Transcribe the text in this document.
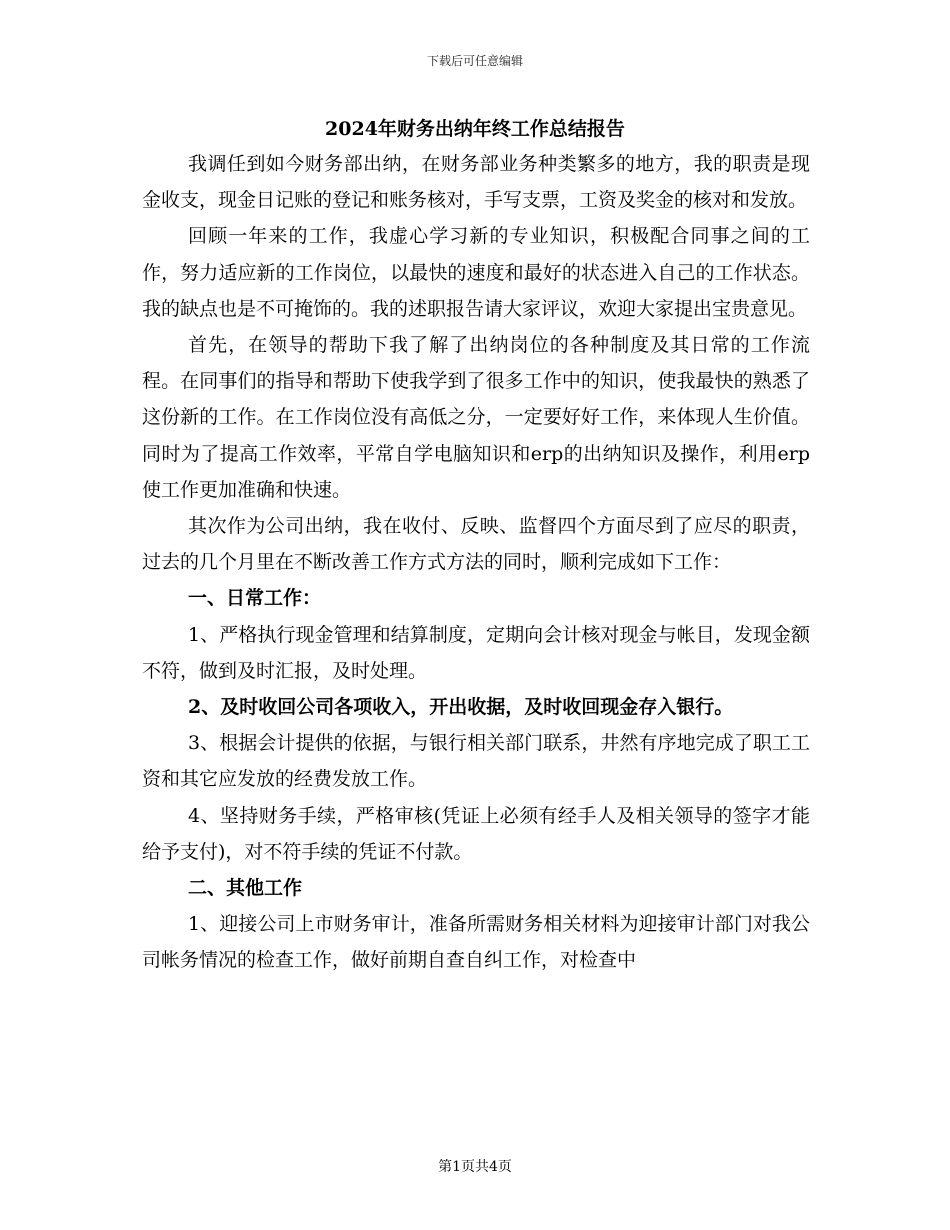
下载后可任意编辑
2024年财务出纳年终工作总结报告

我调任到如今财务部出纳，在财务部业务种类繁多的地方，我的职责是现金收支，现金日记账的登记和账务核对，手写支票，工资及奖金的核对和发放。

回顾一年来的工作，我虚心学习新的专业知识，积极配合同事之间的工作，努力适应新的工作岗位，以最快的速度和最好的状态进入自己的工作状态。我的缺点也是不可掩饰的。我的述职报告请大家评议，欢迎大家提出宝贵意见。

首先，在领导的帮助下我了解了出纳岗位的各种制度及其日常的工作流程。在同事们的指导和帮助下使我学到了很多工作中的知识，使我最快的熟悉了这份新的工作。在工作岗位没有高低之分，一定要好好工作，来体现人生价值。同时为了提高工作效率，平常自学电脑知识和erp的出纳知识及操作，利用erp使工作更加准确和快速。

其次作为公司出纳，我在收付、反映、监督四个方面尽到了应尽的职责，过去的几个月里在不断改善工作方式方法的同时，顺利完成如下工作：

一、日常工作：

1、严格执行现金管理和结算制度，定期向会计核对现金与帐目，发现金额不符，做到及时汇报，及时处理。

2、及时收回公司各项收入，开出收据，及时收回现金存入银行。

3、根据会计提供的依据，与银行相关部门联系，井然有序地完成了职工工资和其它应发放的经费发放工作。

4、坚持财务手续，严格审核(凭证上必须有经手人及相关领导的签字才能给予支付)，对不符手续的凭证不付款。

二、其他工作

1、迎接公司上市财务审计，准备所需财务相关材料为迎接审计部门对我公司帐务情况的检查工作，做好前期自查自纠工作，对检查中

第1页共4页
